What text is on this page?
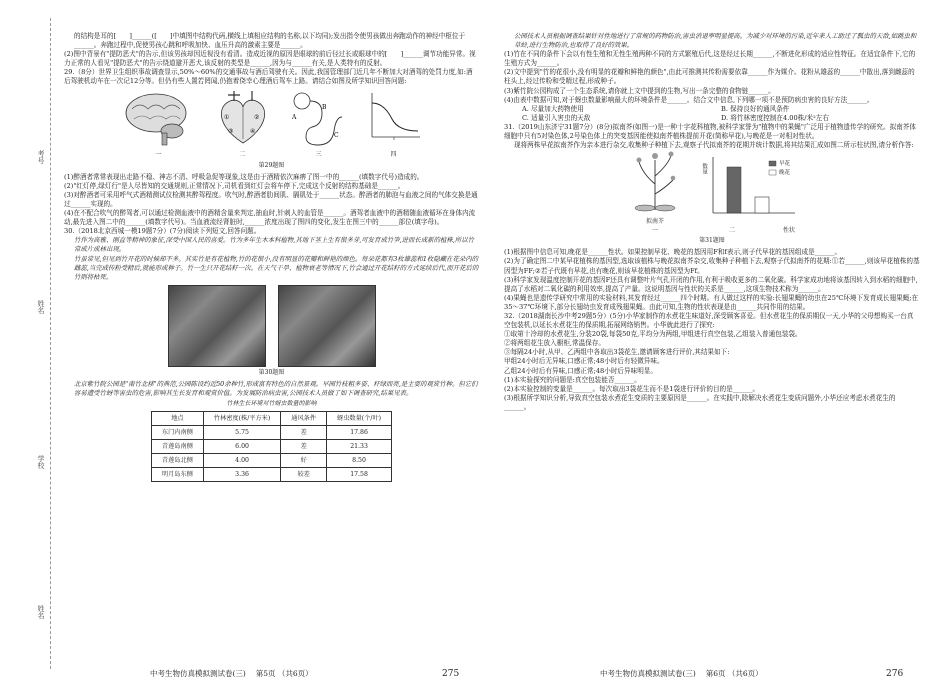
考号
姓名
学校
姓名

的结构是耳的[　　]______([　　]中填图中结构代码,横线上填相应结构的名称,以下均同);发出指令使男孩做出奔跑动作的神经中枢位于______。奔跑过程中,促使男孩心跳和呼吸加快、血压升高的激素主要是______。

(2)图中背景有"提防恶犬"的告示,但该男孩却因近视没有看清。造成近视的原因是眼球的前后径过长或眼球中的[　　]______调节功能异常。视力正常的人看见"提防恶犬"的告示绕道避开恶犬,该反射的类型是______,因为与______有关,是人类特有的反射。

29.（8分）世界卫生组织事故调查显示,50%～60%的交通事故与酒后驾驶有关。因此,我国管理部门近几年不断加大对酒驾的处罚力度,如:酒后驾驶机动车在一次记12分等。但仍有些人置若罔闻,仍抱着侥幸心理酒后驾车上路。请结合如图及所学知识回答问题:

一
①	②
③	④
二
A
B
C
三	四
第29题图

(1)醉酒者常常表现出走路不稳、神志不清、呼吸急促等现象,这是由于酒精依次麻痹了图一中的______(填数字代号)造成的。

(2)"红灯停,绿灯行"是人尽皆知的交通规则,正常情况下,司机看到红灯会将车停下,完成这个反射的结构基础是______。

(3)对醉酒者可采用呼气式酒精测试仪检测其醉驾程度。吹气时,醉酒者肋间肌、膈肌处于______状态。醉酒者的肺泡与血液之间的气体交换是通过______实现的。

(4)在不配合吹气的醉驾者,可以通过检测血液中的酒精含量来判定,抽血时,针刺人的血管是______。酒驾者血液中的酒精随血液循环在身体内流动,最先进入图二中的______(填数字代号)。当血液流经肾脏时,______浓度出现了图四的变化,发生在图三中的______部位(填字母)。

30.（2018北京西城一模19题7分）(7分)阅读下列短文,回答问题。

竹作为高雅、刚直等精神的象征,深受中国人民的喜爱。竹为多年生木本科植物,其地下茎上生有很多芽,可发育成竹笋,进而长成新的植株,所以竹常成片成林出现。

竹虽常见,但见到竹开花的时候却不多。其实竹是有花植物,竹的花很小,没有明显的花瓣和鲜艳的颜色。每朵花都有3枚雄蕊和1枚隐藏在花朵内的雌蕊,当完成传粉受精后,就能形成种子。竹一生只开花结籽一次。在天气干旱、植物衰老等情况下,竹会通过开花结籽的方式延续后代,而开花后的竹则将枯死。

第30题图

北京紫竹院公园是"南竹北移"的典范,公园陈设约近50余种竹,形成富有特色的自然景观。早园竹枝粗多姿、秆绿而亮,是主要的观赏竹种。但它们容易遭受竹蚜等害虫的危害,影响其生长发育和观赏价值。为发展防治病虫害,公园技术人员做了如下调查研究,结果见表。

竹林生长环境对竹蚜虫数量的影响
地点	竹林密度(株/平方米)	通风条件	蚜虫数量(个/叶)
东门内南侧	5.75	差	17.86
青莲岛南侧	6.00	差	21.33
青莲岛北侧	4.00	好	8.50
明月岛东侧	3.36	较差	17.58
中考生物仿真模拟测试卷(三)　 第5页 （共6页）	275

公园技术人员根据调查结果针对性地进行了常规的药物防治,害虫消退率明显提高。为减少对环境的污染,近年来人工助迁了瓢虫的天敌,如跳虫和草蛉,进行生物防治,也取得了良好的效果。

(1)竹在不同的条件下会以有性生殖和无性生殖两种不同的方式繁殖后代,这是经过长期______,不断进化形成的适应性特征。在适宜条件下,它的生殖方式为______。

(2)文中提到"竹的花很小,没有明显的花瓣和鲜艳的颜色",由此可推测其传粉需要依靠______作为媒介。花粉从雄蕊的______中散出,落到雌蕊的柱头上,经过传粉和受精过程,形成种子。

(3)紫竹院公园构成了一个生态系统,请你就上文中提到的生物,写出一条完整的食物链______。

(4)由表中数据可知,对于蚜虫数量影响最大的环境条件是______。结合文中信息,下列哪一项不是预防病虫害的良好方法______。

A. 尽量加大药物使用	B. 保持良好的通风条件
C. 适量引入害虫的天敌	D. 将竹林密度控制在4.00株/米²左右

31.（2019山东济宁31题7分）(8分)拟南芥(如图一)是一种十字花科植物,被科学家誉为"植物中的果蝇"广泛用于植物遗传学的研究。拟南芥体细胞中只有5对染色体,2号染色体上的突变基因能使拟南芥植株提前开花(简称早花),与晚花是一对相对性状。

现将两株早花拟南芥作为亲本进行杂交,收集种子种植下去,观察子代拟南芥的花期并统计数据,将其结果汇成如图二所示柱状图,请分析作答:

拟南芥
一
早花
晚花
数量
二	性状
第31题图

(1)根据图中信息可知,晚花是______性状。如果控制早花、晚花的基因用F和f表示,则子代早花的基因组成是______。

(2)为了确定图二中某早花植株的基因型,选取该植株与晚花拟南芥杂交,收集种子种植下去,观察子代拟南芥的花期:①若______,则该早花植株的基因型为FF;②若子代既有早花,也有晚花,则该早花植株的基因型为Ff。

(3)科学家发现温度控制开花的基因F还具有调整叶片气孔开闭的作用,有利于吸收更多的二氧化碳。科学家成功地将该基因转入到水稻的细胞中,提高了水稻对二氧化碳的利用效率,提高了产量。这说明基因与性状的关系是______,这项生物技术称为______。

(4)果蝇也是遗传学研究中常用的实验材料,其发育经过______四个时期。有人做过这样的实验:长翅果蝇的幼虫在25℃环境下发育成长翅果蝇;在35～37℃环境下,部分长翅幼虫发育成残翅果蝇。由此可知,生物的性状表现是由______共同作用的结果。

32.（2018湖南长沙中考29题5分）(5分)小华家制作的水煮花生味道好,深受顾客喜爱。但水煮花生的保质期仅一天,小华的父母想购买一台真空包装机,以延长水煮花生的保质期,拓展网络销售。小华就此进行了探究:

①取第十冷却的水煮花生,分装20袋,每袋50克,平均分为两组,甲组进行真空包装,乙组装入普通包装袋。

②将两组花生放入橱柜,常温保存。

③每隔24小时,从甲、乙两组中各取出3袋花生,邀请顾客进行评价,其结果如下:

甲组24小时后无异味,口感正常;48小时后有轻微异味。

乙组24小时后有异味,口感正常;48小时后异味明显。

(1)本实验探究的问题是:真空包装能否______。

(2)本实验控制的变量是______。每次取出3袋花生而不是1袋进行评价的目的是______。

(3)根据所学知识分析,导致真空包装水煮花生变质的主要原因是______。在实践中,除解决水煮花生变质问题外,小华还应考虑水煮花生的______。

中考生物仿真模拟测试卷(三)　 第6页 （共6页）	276
